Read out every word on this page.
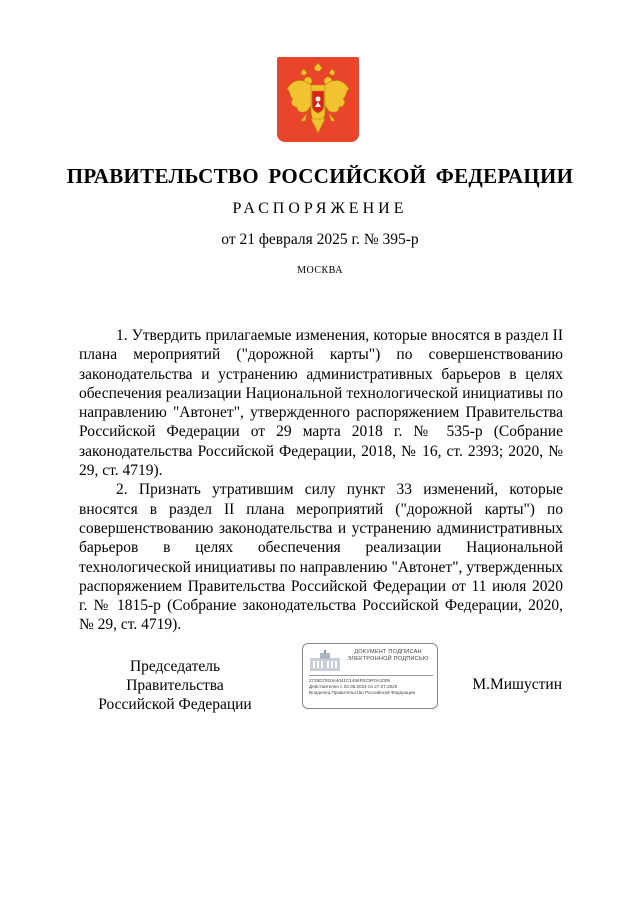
ПРАВИТЕЛЬСТВО РОССИЙСКОЙ ФЕДЕРАЦИИ
РАСПОРЯЖЕНИЕ
от 21 февраля 2025 г. № 395-р
МОСКВА

1. Утвердить прилагаемые изменения, которые вносятся в раздел II плана мероприятий ("дорожной карты") по совершенствованию законодательства и устранению административных барьеров в целях обеспечения реализации Национальной технологической инициативы по направлению "Автонет", утвержденного распоряжением Правительства Российской Федерации от 29 марта 2018 г. № 535-р (Собрание законодательства Российской Федерации, 2018, № 16, ст. 2393; 2020, № 29, ст. 4719).

2. Признать утратившим силу пункт 33 изменений, которые вносятся в раздел II плана мероприятий ("дорожной карты") по совершенствованию законодательства и устранению административных барьеров в целях обеспечения реализации Национальной технологической инициативы по направлению "Автонет", утвержденных распоряжением Правительства Российской Федерации от 11 июля 2020 г. № 1815-р (Собрание законодательства Российской Федерации, 2020, № 29, ст. 4719).

Председатель Правительства
Российской Федерации
ДОКУМЕНТ ПОДПИСАН
ЭЛЕКТРОННОЙ ПОДПИСЬЮ
2726D7810A4041C1456FEC8F0A1009
Действителен с 03.05.2024 по 27.07.2025
Владелец Правительство Российской Федерации	М.Мишустин
